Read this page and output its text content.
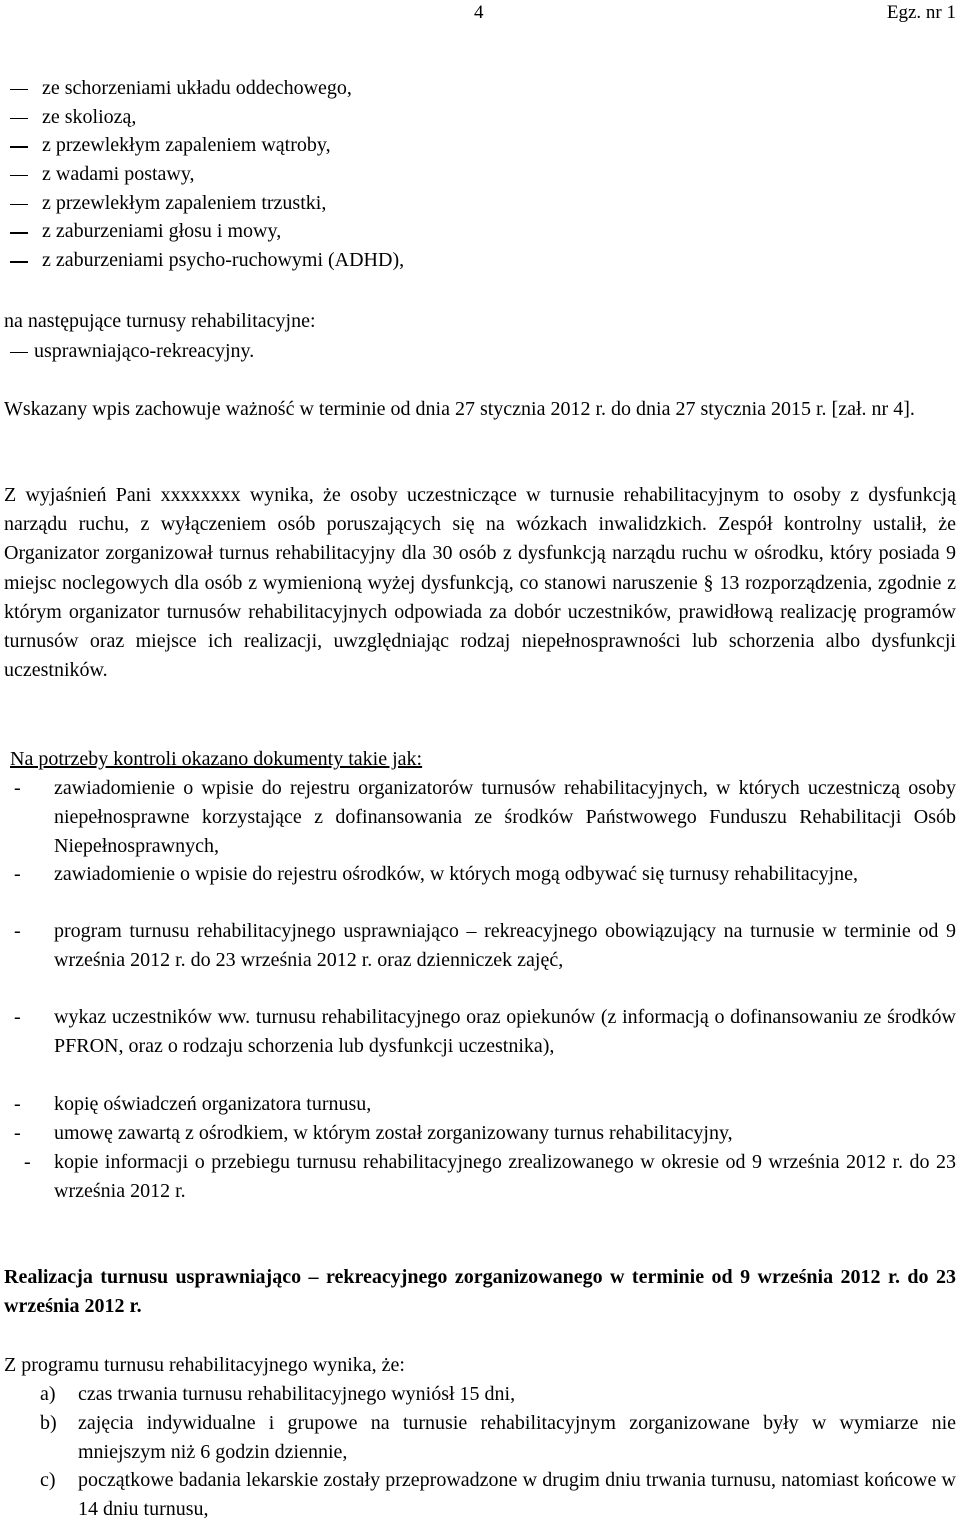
4	Egz. nr 1
ze schorzeniami układu oddechowego,
ze skoliozą,
z przewlekłym zapaleniem wątroby,
z wadami postawy,
z przewlekłym zapaleniem trzustki,
z zaburzeniami głosu i mowy,
z zaburzeniami psycho-ruchowymi (ADHD),
na następujące turnusy rehabilitacyjne:
usprawniająco-rekreacyjny.
Wskazany wpis zachowuje ważność w terminie od dnia 27 stycznia 2012 r. do dnia 27 stycznia 2015 r. [zał. nr 4].
Z wyjaśnień Pani xxxxxxxx wynika, że osoby uczestniczące w turnusie rehabilitacyjnym to osoby z dysfunkcją narządu ruchu, z wyłączeniem osób poruszających się na wózkach inwalidzkich. Zespół kontrolny ustalił, że Organizator zorganizował turnus rehabilitacyjny dla 30 osób z dysfunkcją narządu ruchu w ośrodku, który posiada 9 miejsc noclegowych dla osób z wymienioną wyżej dysfunkcją, co stanowi naruszenie § 13 rozporządzenia, zgodnie z którym organizator turnusów rehabilitacyjnych odpowiada za dobór uczestników, prawidłową realizację programów turnusów oraz miejsce ich realizacji, uwzględniając rodzaj niepełnosprawności lub schorzenia albo dysfunkcji uczestników.
Na potrzeby kontroli okazano dokumenty takie jak:
- zawiadomienie o wpisie do rejestru organizatorów turnusów rehabilitacyjnych, w których uczestniczą osoby niepełnosprawne korzystające z dofinansowania ze środków Państwowego Funduszu Rehabilitacji Osób Niepełnosprawnych,
- zawiadomienie o wpisie do rejestru ośrodków, w których mogą odbywać się turnusy rehabilitacyjne,
- program turnusu rehabilitacyjnego usprawniająco – rekreacyjnego obowiązujący na turnusie w terminie od 9 września 2012 r. do 23 września 2012 r. oraz dzienniczek zajęć,
- wykaz uczestników ww. turnusu rehabilitacyjnego oraz opiekunów (z informacją o dofinansowaniu ze środków PFRON, oraz o rodzaju schorzenia lub dysfunkcji uczestnika),
- kopię oświadczeń organizatora turnusu,
- umowę zawartą z ośrodkiem, w którym został zorganizowany turnus rehabilitacyjny,
- kopie informacji o przebiegu turnusu rehabilitacyjnego zrealizowanego w okresie od 9 września 2012 r. do 23 września 2012 r.
Realizacja turnusu usprawniająco – rekreacyjnego zorganizowanego w terminie od 9 września 2012 r. do 23 września 2012 r.
Z programu turnusu rehabilitacyjnego wynika, że:
a) czas trwania turnusu rehabilitacyjnego wyniósł 15 dni,
b) zajęcia indywidualne i grupowe na turnusie rehabilitacyjnym zorganizowane były w wymiarze nie mniejszym niż 6 godzin dziennie,
c) początkowe badania lekarskie zostały przeprowadzone w drugim dniu trwania turnusu, natomiast końcowe w 14 dniu turnusu,
